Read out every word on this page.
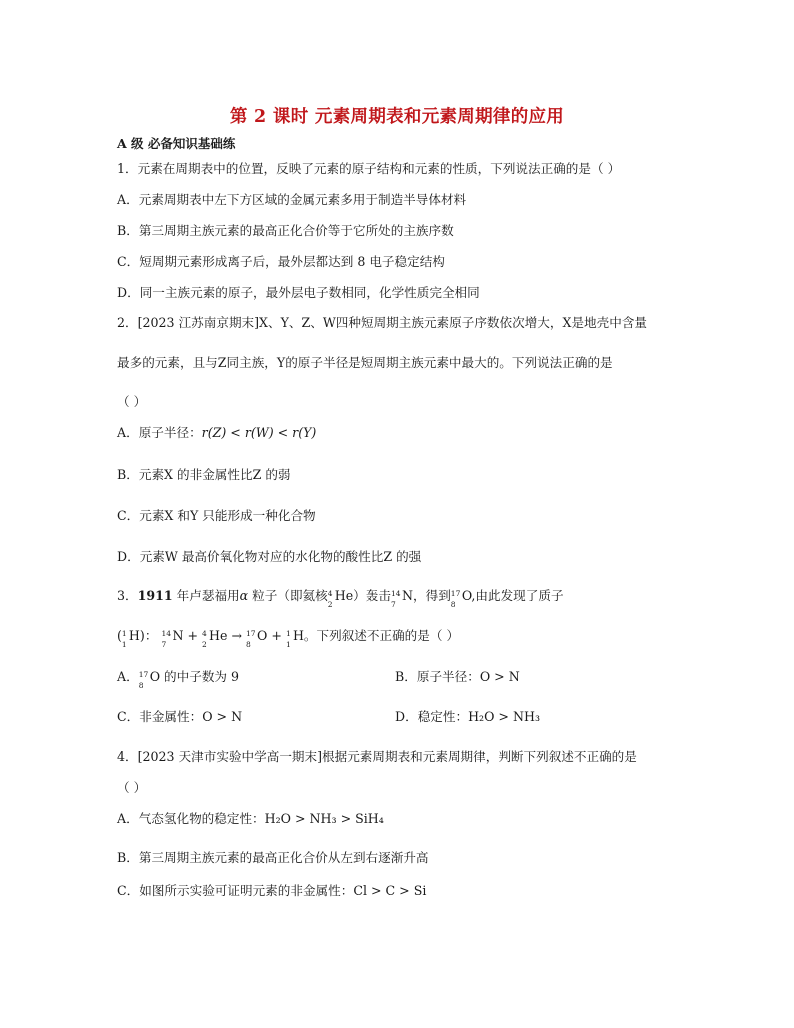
第 2 课时 元素周期表和元素周期律的应用
A 级 必备知识基础练
1．元素在周期表中的位置，反映了元素的原子结构和元素的性质，下列说法正确的是（ ）
A．元素周期表中左下方区域的金属元素多用于制造半导体材料
B．第三周期主族元素的最高正化合价等于它所处的主族序数
C．短周期元素形成离子后，最外层都达到 8 电子稳定结构
D．同一主族元素的原子，最外层电子数相同，化学性质完全相同
2．[2023 江苏南京期末]X、Y、Z、W四种短周期主族元素原子序数依次增大，X是地壳中含量
最多的元素，且与Z同主族，Y的原子半径是短周期主族元素中最大的。下列说法正确的是
（ ）
A．原子半径：r(Z) < r(W) < r(Y)
B．元素X 的非金属性比Z 的弱
C．元素X 和Y 只能形成一种化合物
D．元素W 最高价氧化物对应的水化物的酸性比Z 的强
3．1911 年卢瑟福用α 粒子（即氦核 4
2
He）轰击 14
7
N，得到 17
8
O,由此发现了质子
( 1
1
H)： 14
7
N + 4
2
He → 17
8
O + 1
1
H。下列叙述不正确的是（ ）
A． 17
8
O 的中子数为 9	B．原子半径：O > N
C．非金属性：O > N	D．稳定性：H₂O > NH₃
4．[2023 天津市实验中学高一期末]根据元素周期表和元素周期律，判断下列叙述不正确的是
（ ）
A．气态氢化物的稳定性：H₂O > NH₃ > SiH₄
B．第三周期主族元素的最高正化合价从左到右逐渐升高
C．如图所示实验可证明元素的非金属性：Cl > C > Si
